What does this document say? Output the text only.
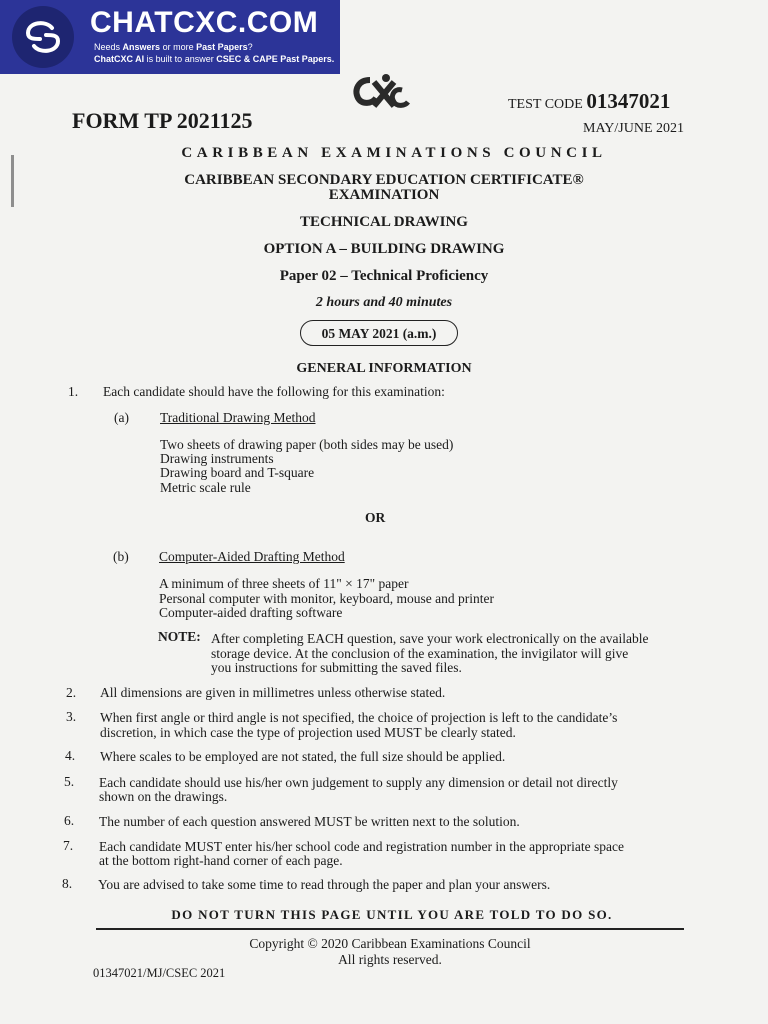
CHATCXC.COM
Needs Answers or more Past Papers?
ChatCXC AI is built to answer CSEC & CAPE Past Papers.
FORM TP 2021125
TEST CODE 01347021
MAY/JUNE 2021
CARIBBEAN EXAMINATIONS COUNCIL
CARIBBEAN SECONDARY EDUCATION CERTIFICATE®
EXAMINATION
TECHNICAL DRAWING
OPTION A – BUILDING DRAWING
Paper 02 – Technical Proficiency
2 hours and 40 minutes
05 MAY 2021 (a.m.)
GENERAL INFORMATION
1. Each candidate should have the following for this examination:
(a) Traditional Drawing Method
Two sheets of drawing paper (both sides may be used)
Drawing instruments
Drawing board and T-square
Metric scale rule
OR
(b) Computer-Aided Drafting Method
A minimum of three sheets of 11" × 17" paper
Personal computer with monitor, keyboard, mouse and printer
Computer-aided drafting software
NOTE: After completing EACH question, save your work electronically on the available
storage device. At the conclusion of the examination, the invigilator will give
you instructions for submitting the saved files.
2. All dimensions are given in millimetres unless otherwise stated.
3. When first angle or third angle is not specified, the choice of projection is left to the candidate’s
discretion, in which case the type of projection used MUST be clearly stated.
4. Where scales to be employed are not stated, the full size should be applied.
5. Each candidate should use his/her own judgement to supply any dimension or detail not directly
shown on the drawings.
6. The number of each question answered MUST be written next to the solution.
7. Each candidate MUST enter his/her school code and registration number in the appropriate space
at the bottom right-hand corner of each page.
8. You are advised to take some time to read through the paper and plan your answers.
DO NOT TURN THIS PAGE UNTIL YOU ARE TOLD TO DO SO.
Copyright © 2020 Caribbean Examinations Council
All rights reserved.
01347021/MJ/CSEC 2021
